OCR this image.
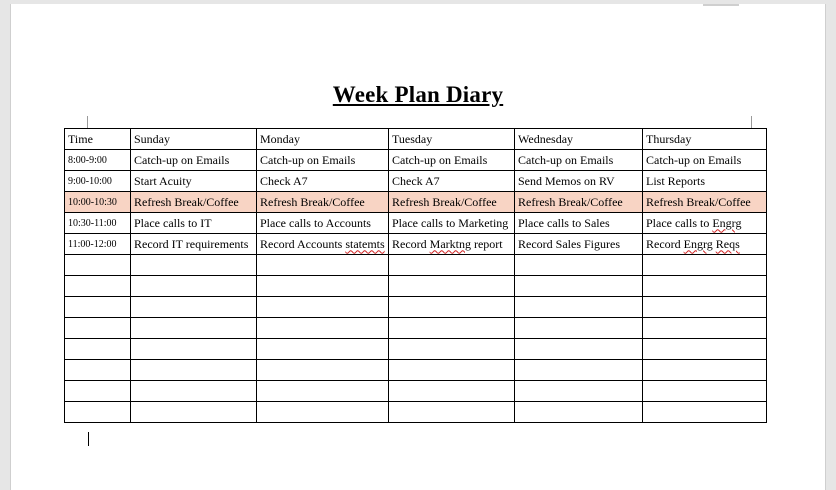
Week Plan Diary
Time	Sunday	Monday	Tuesday	Wednesday	Thursday
8:00-9:00	Catch-up on Emails	Catch-up on Emails	Catch-up on Emails	Catch-up on Emails	Catch-up on Emails
9:00-10:00	Start Acuity	Check A7	Check A7	Send Memos on RV	List Reports
10:00-10:30	Refresh Break/Coffee	Refresh Break/Coffee	Refresh Break/Coffee	Refresh Break/Coffee	Refresh Break/Coffee
10:30-11:00	Place calls to IT	Place calls to Accounts	Place calls to Marketing	Place calls to Sales	Place calls to Engrg
11:00-12:00	Record IT requirements	Record Accounts statemts	Record Marktng report	Record Sales Figures	Record Engrg Reqs
